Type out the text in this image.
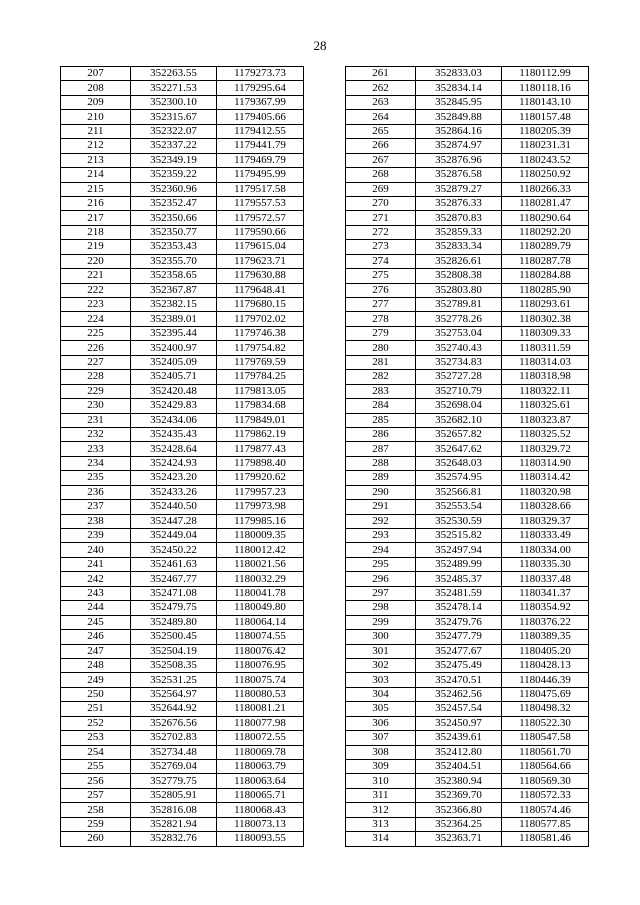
28
207	352263.55	1179273.73
208	352271.53	1179295.64
209	352300.10	1179367.99
210	352315.67	1179405.66
211	352322.07	1179412.55
212	352337.22	1179441.79
213	352349.19	1179469.79
214	352359.22	1179495.99
215	352360.96	1179517.58
216	352352.47	1179557.53
217	352350.66	1179572.57
218	352350.77	1179590.66
219	352353.43	1179615.04
220	352355.70	1179623.71
221	352358.65	1179630.88
222	352367.87	1179648.41
223	352382.15	1179680.15
224	352389.01	1179702.02
225	352395.44	1179746.38
226	352400.97	1179754.82
227	352405.09	1179769.59
228	352405.71	1179784.25
229	352420.48	1179813.05
230	352429.83	1179834.68
231	352434.06	1179849.01
232	352435.43	1179862.19
233	352428.64	1179877.43
234	352424.93	1179898.40
235	352423.20	1179920.62
236	352433.26	1179957.23
237	352440.50	1179973.98
238	352447.28	1179985.16
239	352449.04	1180009.35
240	352450.22	1180012.42
241	352461.63	1180021.56
242	352467.77	1180032.29
243	352471.08	1180041.78
244	352479.75	1180049.80
245	352489.80	1180064.14
246	352500.45	1180074.55
247	352504.19	1180076.42
248	352508.35	1180076.95
249	352531.25	1180075.74
250	352564.97	1180080.53
251	352644.92	1180081.21
252	352676.56	1180077.98
253	352702.83	1180072.55
254	352734.48	1180069.78
255	352769.04	1180063.79
256	352779.75	1180063.64
257	352805.91	1180065.71
258	352816.08	1180068.43
259	352821.94	1180073.13
260	352832.76	1180093.55
261	352833.03	1180112.99
262	352834.14	1180118.16
263	352845.95	1180143.10
264	352849.88	1180157.48
265	352864.16	1180205.39
266	352874.97	1180231.31
267	352876.96	1180243.52
268	352876.58	1180250.92
269	352879.27	1180266.33
270	352876.33	1180281.47
271	352870.83	1180290.64
272	352859.33	1180292.20
273	352833.34	1180289.79
274	352826.61	1180287.78
275	352808.38	1180284.88
276	352803.80	1180285.90
277	352789.81	1180293.61
278	352778.26	1180302.38
279	352753.04	1180309.33
280	352740.43	1180311.59
281	352734.83	1180314.03
282	352727.28	1180318.98
283	352710.79	1180322.11
284	352698.04	1180325.61
285	352682.10	1180323.87
286	352657.82	1180325.52
287	352647.62	1180329.72
288	352648.03	1180314.90
289	352574.95	1180314.42
290	352566.81	1180320.98
291	352553.54	1180328.66
292	352530.59	1180329.37
293	352515.82	1180333.49
294	352497.94	1180334.00
295	352489.99	1180335.30
296	352485.37	1180337.48
297	352481.59	1180341.37
298	352478.14	1180354.92
299	352479.76	1180376.22
300	352477.79	1180389.35
301	352477.67	1180405.20
302	352475.49	1180428.13
303	352470.51	1180446.39
304	352462.56	1180475.69
305	352457.54	1180498.32
306	352450.97	1180522.30
307	352439.61	1180547.58
308	352412.80	1180561.70
309	352404.51	1180564.66
310	352380.94	1180569.30
311	352369.70	1180572.33
312	352366.80	1180574.46
313	352364.25	1180577.85
314	352363.71	1180581.46
